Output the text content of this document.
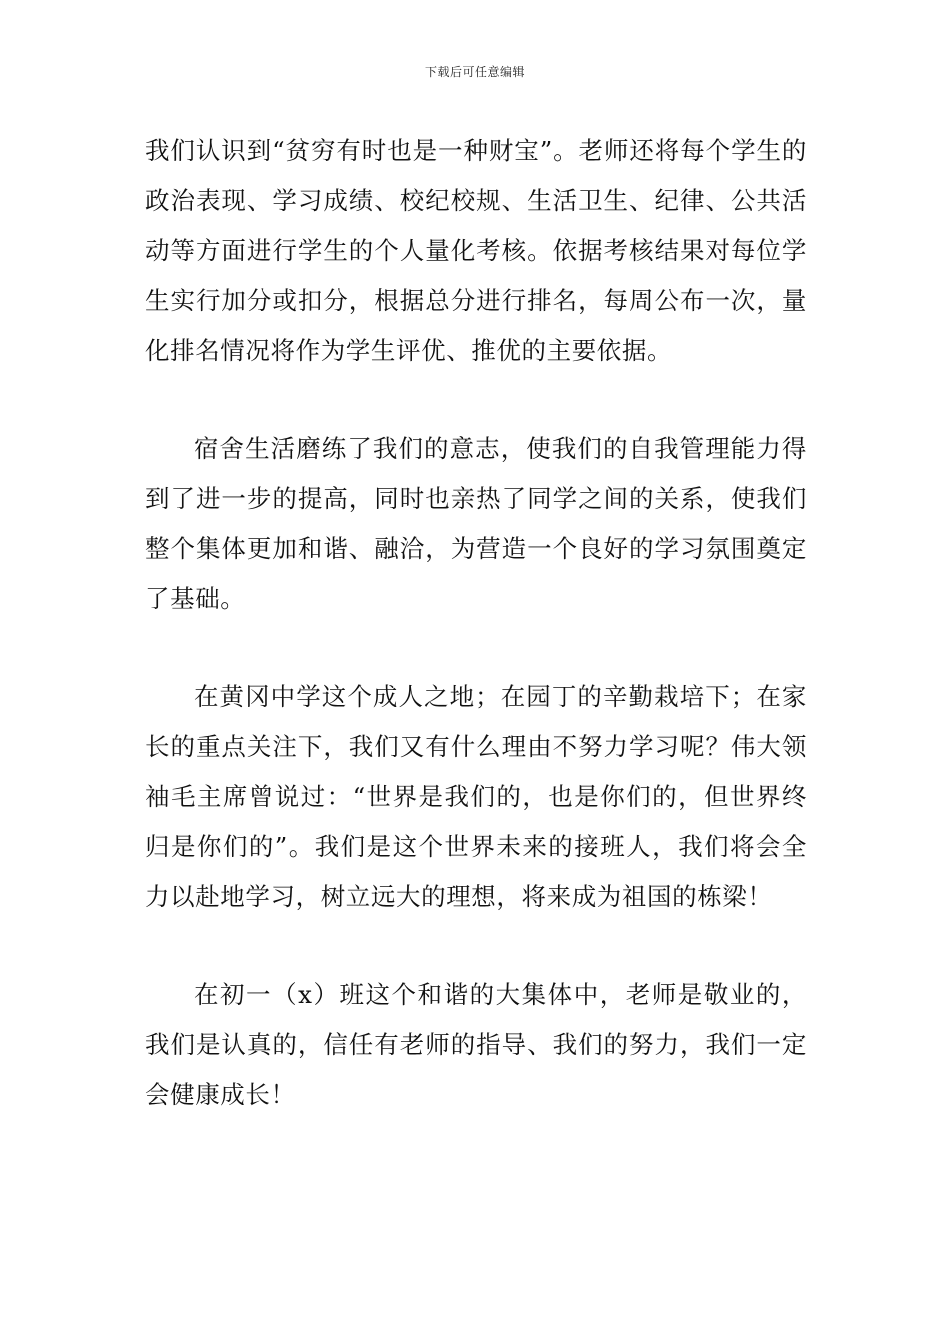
下载后可任意编辑

我们认识到“贫穷有时也是一种财宝”。老师还将每个学生的政治表现、学习成绩、校纪校规、生活卫生、纪律、公共活动等方面进行学生的个人量化考核。依据考核结果对每位学生实行加分或扣分，根据总分进行排名，每周公布一次，量化排名情况将作为学生评优、推优的主要依据。

宿舍生活磨练了我们的意志，使我们的自我管理能力得到了进一步的提高，同时也亲热了同学之间的关系，使我们整个集体更加和谐、融洽，为营造一个良好的学习氛围奠定了基础。

在黄冈中学这个成人之地；在园丁的辛勤栽培下；在家长的重点关注下，我们又有什么理由不努力学习呢？伟大领袖毛主席曾说过：“世界是我们的，也是你们的，但世界终归是你们的”。我们是这个世界未来的接班人，我们将会全力以赴地学习，树立远大的理想，将来成为祖国的栋梁！

在初一（x）班这个和谐的大集体中，老师是敬业的，我们是认真的，信任有老师的指导、我们的努力，我们一定会健康成长！
